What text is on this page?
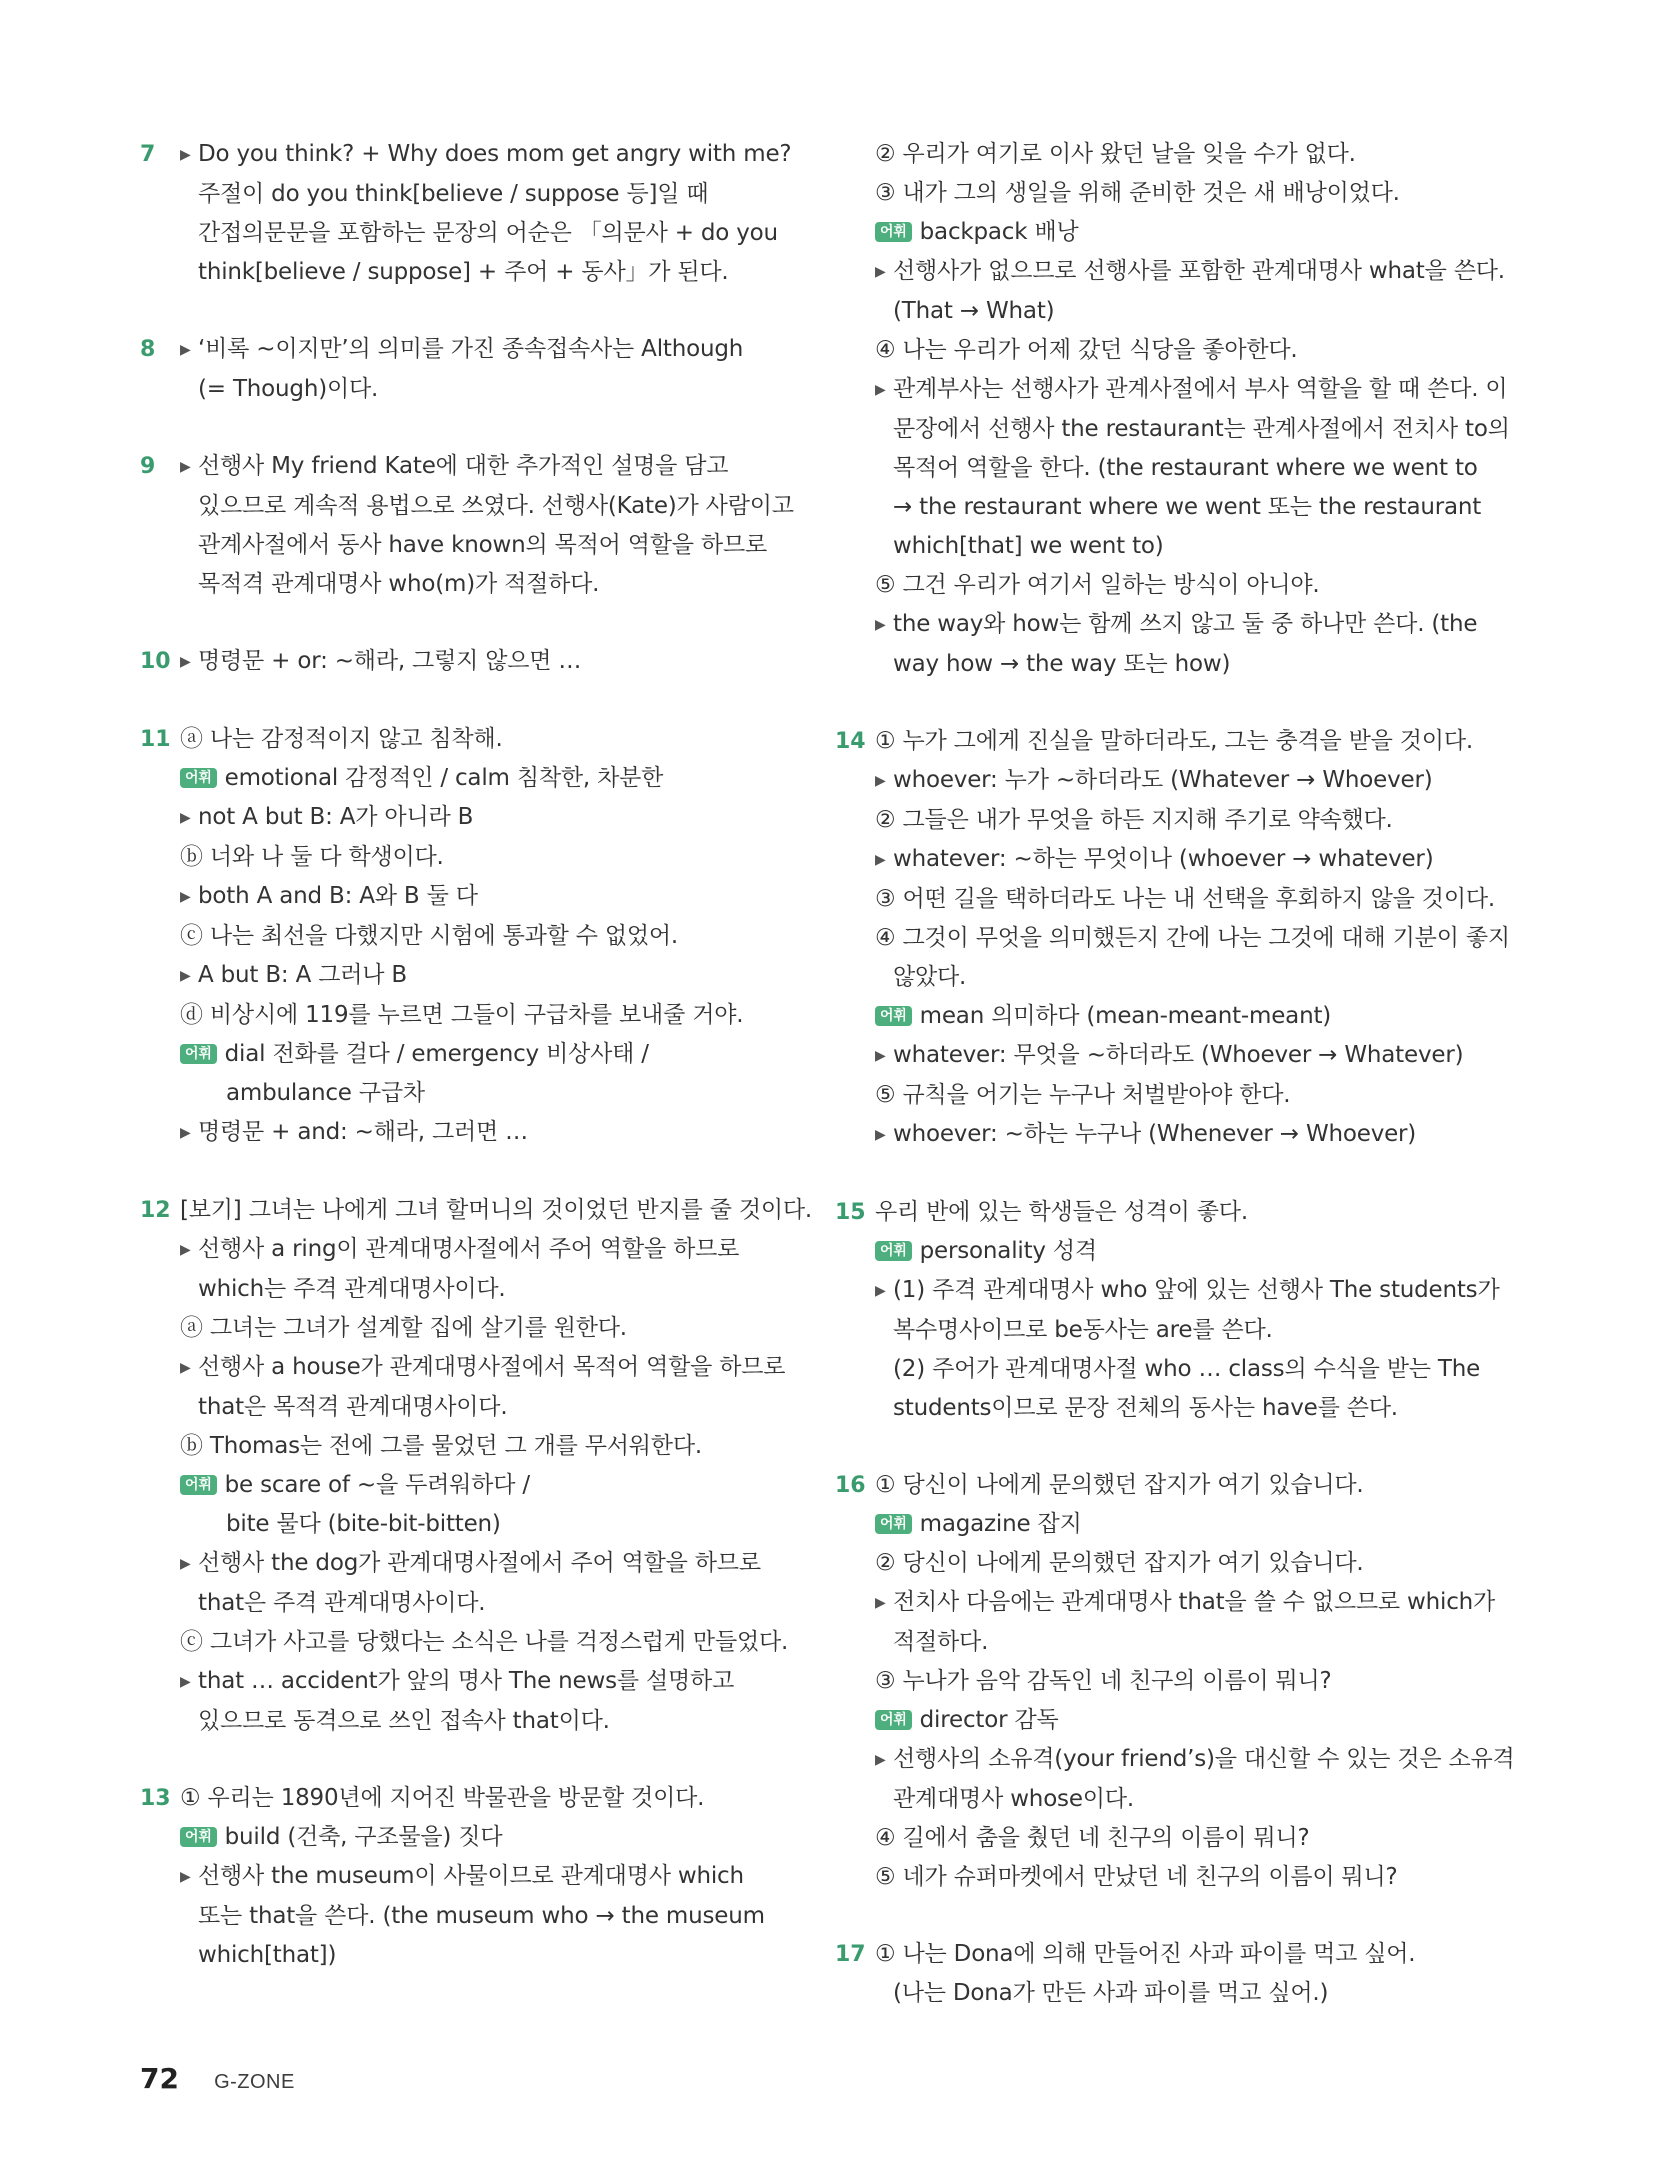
7 ▶ Do you think? + Why does mom get angry with me?
주절이 do you think[believe / suppose 등]일 때
간접의문문을 포함하는 문장의 어순은 「의문사 + do you
think[believe / suppose] + 주어 + 동사」가 된다.
8 ▶ ‘비록 ~이지만’의 의미를 가진 종속접속사는 Although
(= Though)이다.
9 ▶ 선행사 My friend Kate에 대한 추가적인 설명을 담고
있으므로 계속적 용법으로 쓰였다. 선행사(Kate)가 사람이고
관계사절에서 동사 have known의 목적어 역할을 하므로
목적격 관계대명사 who(m)가 적절하다.
10 ▶ 명령문 + or: ~해라, 그렇지 않으면 …
11 ⓐ 나는 감정적이지 않고 침착해.
어휘 emotional 감정적인 / calm 침착한, 차분한
▶ not A but B: A가 아니라 B
ⓑ 너와 나 둘 다 학생이다.
▶ both A and B: A와 B 둘 다
ⓒ 나는 최선을 다했지만 시험에 통과할 수 없었어.
▶ A but B: A 그러나 B
ⓓ 비상시에 119를 누르면 그들이 구급차를 보내줄 거야.
어휘 dial 전화를 걸다 / emergency 비상사태 /
ambulance 구급차
▶ 명령문 + and: ~해라, 그러면 …
12 [보기] 그녀는 나에게 그녀 할머니의 것이었던 반지를 줄 것이다.
▶ 선행사 a ring이 관계대명사절에서 주어 역할을 하므로
which는 주격 관계대명사이다.
ⓐ 그녀는 그녀가 설계할 집에 살기를 원한다.
▶ 선행사 a house가 관계대명사절에서 목적어 역할을 하므로
that은 목적격 관계대명사이다.
ⓑ Thomas는 전에 그를 물었던 그 개를 무서워한다.
어휘 be scare of ~을 두려워하다 /
bite 물다 (bite-bit-bitten)
▶ 선행사 the dog가 관계대명사절에서 주어 역할을 하므로
that은 주격 관계대명사이다.
ⓒ 그녀가 사고를 당했다는 소식은 나를 걱정스럽게 만들었다.
▶ that … accident가 앞의 명사 The news를 설명하고
있으므로 동격으로 쓰인 접속사 that이다.
13 ① 우리는 1890년에 지어진 박물관을 방문할 것이다.
어휘 build (건축, 구조물을) 짓다
▶ 선행사 the museum이 사물이므로 관계대명사 which
또는 that을 쓴다. (the museum who → the museum
which[that])
② 우리가 여기로 이사 왔던 날을 잊을 수가 없다.
③ 내가 그의 생일을 위해 준비한 것은 새 배낭이었다.
어휘 backpack 배낭
▶ 선행사가 없으므로 선행사를 포함한 관계대명사 what을 쓴다.
(That → What)
④ 나는 우리가 어제 갔던 식당을 좋아한다.
▶ 관계부사는 선행사가 관계사절에서 부사 역할을 할 때 쓴다. 이
문장에서 선행사 the restaurant는 관계사절에서 전치사 to의
목적어 역할을 한다. (the restaurant where we went to
→ the restaurant where we went 또는 the restaurant
which[that] we went to)
⑤ 그건 우리가 여기서 일하는 방식이 아니야.
▶ the way와 how는 함께 쓰지 않고 둘 중 하나만 쓴다. (the
way how → the way 또는 how)
14 ① 누가 그에게 진실을 말하더라도, 그는 충격을 받을 것이다.
▶ whoever: 누가 ~하더라도 (Whatever → Whoever)
② 그들은 내가 무엇을 하든 지지해 주기로 약속했다.
▶ whatever: ~하는 무엇이나 (whoever → whatever)
③ 어떤 길을 택하더라도 나는 내 선택을 후회하지 않을 것이다.
④ 그것이 무엇을 의미했든지 간에 나는 그것에 대해 기분이 좋지
않았다.
어휘 mean 의미하다 (mean-meant-meant)
▶ whatever: 무엇을 ~하더라도 (Whoever → Whatever)
⑤ 규칙을 어기는 누구나 처벌받아야 한다.
▶ whoever: ~하는 누구나 (Whenever → Whoever)
15 우리 반에 있는 학생들은 성격이 좋다.
어휘 personality 성격
▶ (1) 주격 관계대명사 who 앞에 있는 선행사 The students가
복수명사이므로 be동사는 are를 쓴다.
(2) 주어가 관계대명사절 who … class의 수식을 받는 The
students이므로 문장 전체의 동사는 have를 쓴다.
16 ① 당신이 나에게 문의했던 잡지가 여기 있습니다.
어휘 magazine 잡지
② 당신이 나에게 문의했던 잡지가 여기 있습니다.
▶ 전치사 다음에는 관계대명사 that을 쓸 수 없으므로 which가
적절하다.
③ 누나가 음악 감독인 네 친구의 이름이 뭐니?
어휘 director 감독
▶ 선행사의 소유격(your friend’s)을 대신할 수 있는 것은 소유격
관계대명사 whose이다.
④ 길에서 춤을 췄던 네 친구의 이름이 뭐니?
⑤ 네가 슈퍼마켓에서 만났던 네 친구의 이름이 뭐니?
17 ① 나는 Dona에 의해 만들어진 사과 파이를 먹고 싶어.
(나는 Dona가 만든 사과 파이를 먹고 싶어.)
72 G-ZONE
